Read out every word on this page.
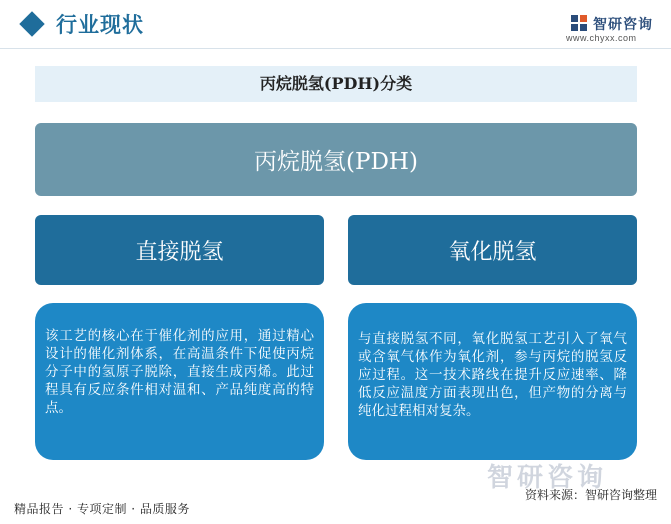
行业现状	智研咨询
www.chyxx.com
丙烷脱氢(PDH)分类
丙烷脱氢(PDH)
直接脱氢	氧化脱氢
该工艺的核心在于催化剂的应用，通过精心设计的催化剂体系，在高温条件下促使丙烷分子中的氢原子脱除，直接生成丙烯。此过程具有反应条件相对温和、产品纯度高的特点。
与直接脱氢不同，氧化脱氢工艺引入了氧气或含氧气体作为氧化剂，参与丙烷的脱氢反应过程。这一技术路线在提升反应速率、降低反应温度方面表现出色，但产物的分离与纯化过程相对复杂。
智研咨询
资料来源：智研咨询整理
精品报告 · 专项定制 · 品质服务
